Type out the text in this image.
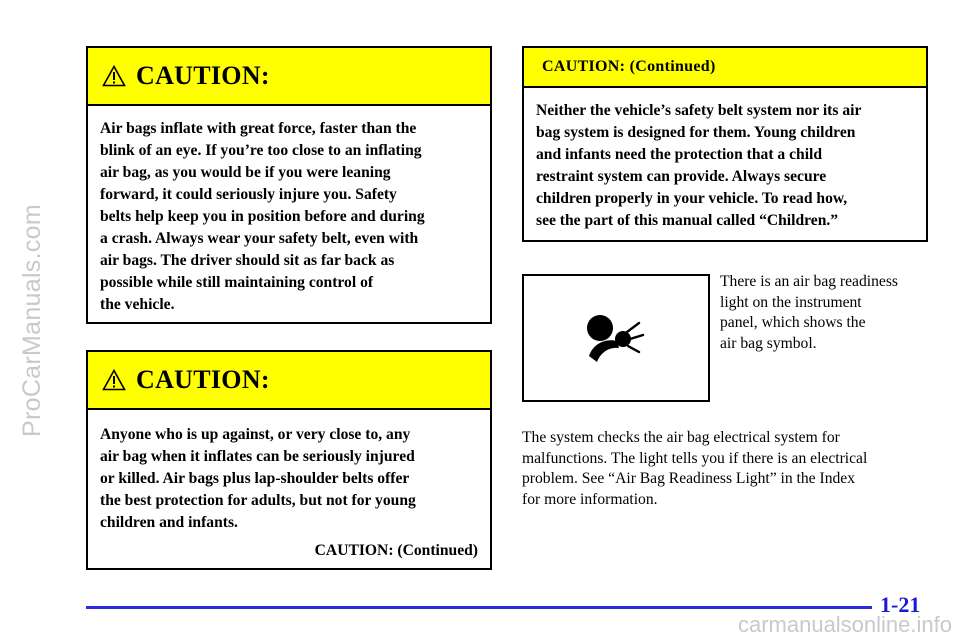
ProCarManuals.com
CAUTION:
Air bags inflate with great force, faster than the
blink of an eye. If you’re too close to an inflating
air bag, as you would be if you were leaning
forward, it could seriously injure you. Safety
belts help keep you in position before and during
a crash. Always wear your safety belt, even with
air bags. The driver should sit as far back as
possible while still maintaining control of
the vehicle.
CAUTION:
Anyone who is up against, or very close to, any
air bag when it inflates can be seriously injured
or killed. Air bags plus lap-shoulder belts offer
the best protection for adults, but not for young
children and infants.
CAUTION: (Continued)
CAUTION: (Continued)
Neither the vehicle’s safety belt system nor its air
bag system is designed for them. Young children
and infants need the protection that a child
restraint system can provide. Always secure
children properly in your vehicle. To read how,
see the part of this manual called “Children.”
There is an air bag readiness
light on the instrument
panel, which shows the
air bag symbol.
The system checks the air bag electrical system for
malfunctions. The light tells you if there is an electrical
problem. See “Air Bag Readiness Light” in the Index
for more information.
1-21
carmanualsonline.info
